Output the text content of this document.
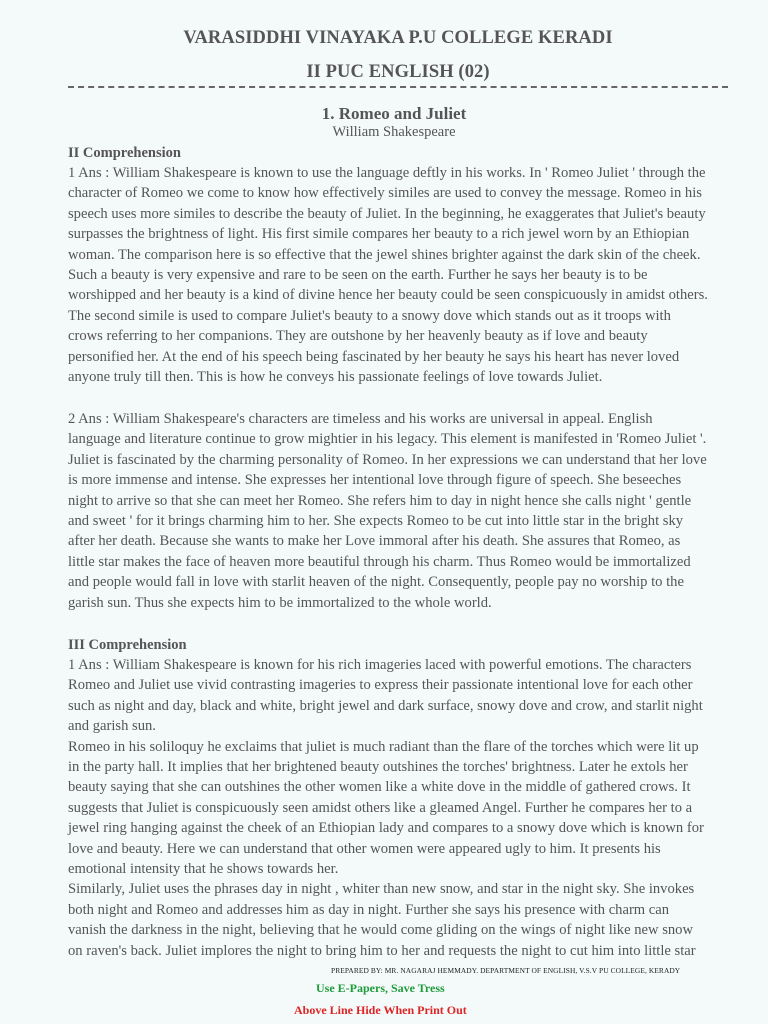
VARASIDDHI VINAYAKA P.U COLLEGE KERADI
II PUC ENGLISH (02)
1. Romeo and Juliet
William Shakespeare
II Comprehension
1 Ans : William Shakespeare is known to use the language deftly in his works. In ' Romeo Juliet ' through the
character of Romeo we come to know how effectively similes are used to convey the message. Romeo in his
speech uses more similes to describe the beauty of Juliet. In the beginning, he exaggerates that Juliet's beauty
surpasses the brightness of light. His first simile compares her beauty to a rich jewel worn by an Ethiopian
woman. The comparison here is so effective that the jewel shines brighter against the dark skin of the cheek.
Such a beauty is very expensive and rare to be seen on the earth. Further he says her beauty is to be
worshipped and her beauty is a kind of divine hence her beauty could be seen conspicuously in amidst others.
The second simile is used to compare Juliet's beauty to a snowy dove which stands out as it troops with
crows referring to her companions. They are outshone by her heavenly beauty as if love and beauty
personified her. At the end of his speech being fascinated by her beauty he says his heart has never loved
anyone truly till then. This is how he conveys his passionate feelings of love towards Juliet.
2 Ans : William Shakespeare's characters are timeless and his works are universal in appeal. English
language and literature continue to grow mightier in his legacy. This element is manifested in 'Romeo Juliet '.
Juliet is fascinated by the charming personality of Romeo. In her expressions we can understand that her love
is more immense and intense. She expresses her intentional love through figure of speech. She beseeches
night to arrive so that she can meet her Romeo. She refers him to day in night hence she calls night ' gentle
and sweet ' for it brings charming him to her. She expects Romeo to be cut into little star in the bright sky
after her death. Because she wants to make her Love immoral after his death. She assures that Romeo, as
little star makes the face of heaven more beautiful through his charm. Thus Romeo would be immortalized
and people would fall in love with starlit heaven of the night. Consequently, people pay no worship to the
garish sun. Thus she expects him to be immortalized to the whole world.
III Comprehension
1 Ans : William Shakespeare is known for his rich imageries laced with powerful emotions. The characters
Romeo and Juliet use vivid contrasting imageries to express their passionate intentional love for each other
such as night and day, black and white, bright jewel and dark surface, snowy dove and crow, and starlit night
and garish sun.
Romeo in his soliloquy he exclaims that juliet is much radiant than the flare of the torches which were lit up
in the party hall. It implies that her brightened beauty outshines the torches' brightness. Later he extols her
beauty saying that she can outshines the other women like a white dove in the middle of gathered crows. It
suggests that Juliet is conspicuously seen amidst others like a gleamed Angel. Further he compares her to a
jewel ring hanging against the cheek of an Ethiopian lady and compares to a snowy dove which is known for
love and beauty. Here we can understand that other women were appeared ugly to him. It presents his
emotional intensity that he shows towards her.
Similarly, Juliet uses the phrases day in night , whiter than new snow, and star in the night sky. She invokes
both night and Romeo and addresses him as day in night. Further she says his presence with charm can
vanish the darkness in the night, believing that he would come gliding on the wings of night like new snow
on raven's back. Juliet implores the night to bring him to her and requests the night to cut him into little star
PREPARED BY: MR. NAGARAJ HEMMADY. DEPARTMENT OF ENGLISH, V.S.V PU COLLEGE, KERADY
Use E-Papers, Save Tress
Above Line Hide When Print Out
